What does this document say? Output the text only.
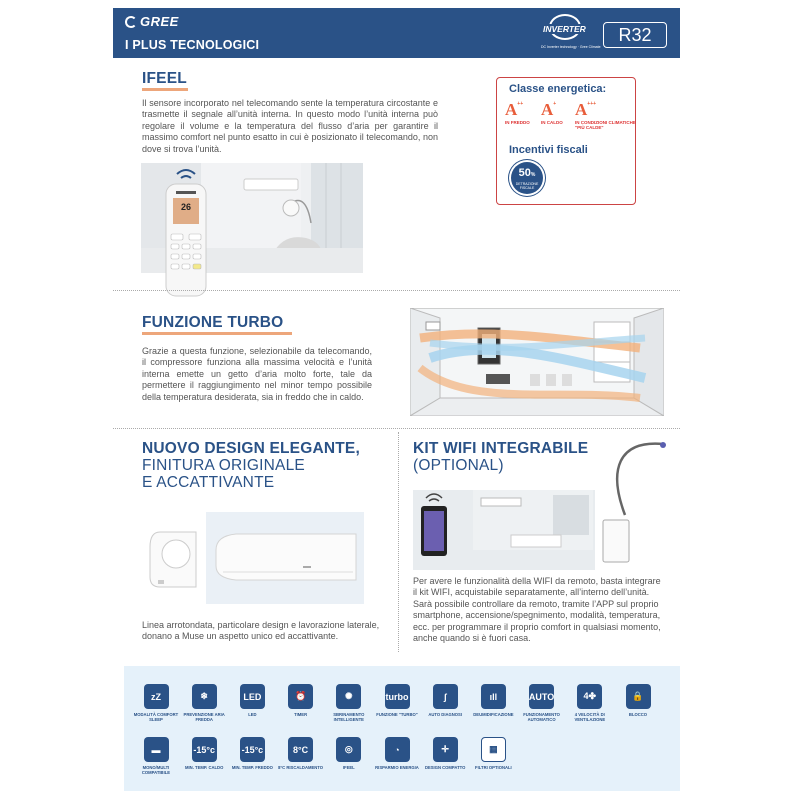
GREE
I PLUS TECNOLOGICI
INVERTER
DC Inverter technology · Gree Climate
R32
IFEEL
Il sensore incorporato nel telecomando sente la temperatura circostante e trasmette il segnale all’unità interna. In questo modo l’unità interna può regolare il volume e la temperatura del flusso d’aria per garantire il massimo comfort nel punto esatto in cui è posizionato il telecomando, non dove si trova l’unità.
26
Classe energetica:
A++
IN FREDDO
A+
IN CALDO
A+++
IN CONDIZIONI CLIMATICHE "PIÙ CALDE"
Incentivi fiscali
50%
DETRAZIONE FISCALE
FUNZIONE TURBO
Grazie a questa funzione, selezionabile da telecomando, il compressore funziona alla massima velocità e l’unità interna emette un getto d’aria molto forte, tale da permettere il raggiungimento nel minor tempo possibile della temperatura desiderata, sia in freddo che in caldo.
NUOVO DESIGN ELEGANTE,
FINITURA ORIGINALE
E ACCATTIVANTE
Linea arrotondata, particolare design e lavorazione laterale, donano a Muse un aspetto unico ed accattivante.
KIT WIFI INTEGRABILE
(OPTIONAL)
Per avere le funzionalità della WIFI da remoto, basta integrare il kit WIFI, acquistabile separatamente, all’interno dell’unità. Sarà possibile controllare da remoto, tramite l’APP sul proprio smartphone, accensione/spegnimento, modalità, temperatura, ecc. per programmare il proprio comfort in qualsiasi momento, anche quando si è fuori casa.
zZ
MODALITÀ COMFORT SLEEP
❄
PREVENZIONE ARIA FREDDA
LED
LED
⏰
TIMER
✺
SBRINAMENTO INTELLIGENTE
turbo
FUNZIONE "TURBO"
ʃ
AUTO DIAGNOSI
ıll
DEUMIDIFICAZIONE
AUTO
FUNZIONAMENTO AUTOMATICO
4✤
4 VELOCITÀ DI VENTILAZIONE
🔒
BLOCCO
▬
MONO/MULTI COMPATIBILE
-15°c
MIN. TEMP. CALDO
-15°c
MIN. TEMP. FREDDO
8°C
8°C RISCALDAMENTO
◎
IFEEL
◔
RISPARMIO ENERGIA
✛
DESIGN COMPATTO
▦
FILTRI OPTIONALI
